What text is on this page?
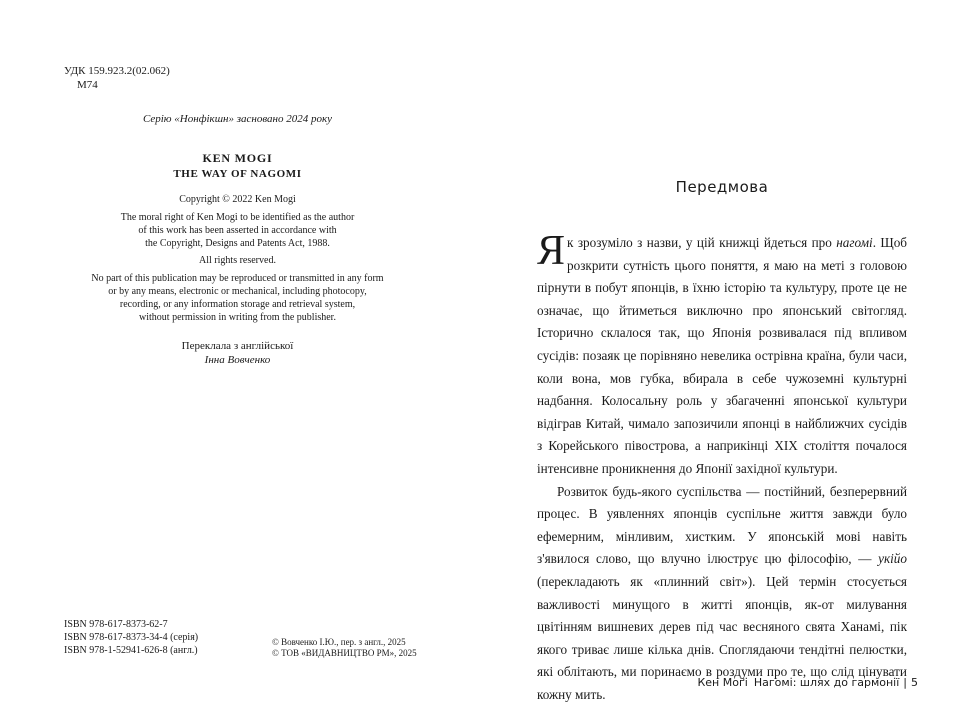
УДК 159.923.2(02.062)
М74
Серію «Нонфікшн» засновано 2024 року
KEN MOGI
THE WAY OF NAGOMI
Copyright © 2022 Ken Mogi
The moral right of Ken Mogi to be identified as the author
of this work has been asserted in accordance with
the Copyright, Designs and Patents Act, 1988.
All rights reserved.
No part of this publication may be reproduced or transmitted in any form
or by any means, electronic or mechanical, including photocopy,
recording, or any information storage and retrieval system,
without permission in writing from the publisher.
Переклала з англійської
Інна Вовченко
ISBN 978-617-8373-62-7
ISBN 978-617-8373-34-4 (серія)
ISBN 978-1-52941-626-8 (англ.)
© Вовченко І.Ю., пер. з англ., 2025
© ТОВ «ВИДАВНИЦТВО РМ», 2025
Передмова

Як зрозуміло з назви, у цій книжці йдеться про нагомі. Щоб розкрити сутність цього поняття, я маю на меті з головою пірнути в побут японців, в їхню історію та культуру, проте це не означає, що йтиметься виключно про японський світогляд. Історично склалося так, що Японія розвивалася під впливом сусідів: позаяк це порівняно невелика острівна країна, були часи, коли вона, мов губка, вбирала в себе чужоземні культурні надбання. Колосальну роль у збагаченні японської культури відіграв Китай, чимало запозичили японці в найближчих сусідів з Корейського півострова, а наприкінці XIX століття почалося інтенсивне проникнення до Японії західної культури.

Розвиток будь-якого суспільства — постійний, безперервний процес. В уявленнях японців суспільне життя завжди було ефемерним, мінливим, хистким. У японській мові навіть з'явилося слово, що влучно ілюструє цю філософію, — укійо (перекладають як «плинний світ»). Цей термін стосується важливості минущого в житті японців, як-от милування цвітінням вишневих дерев під час весняного свята Ханамі, пік якого триває лише кілька днів. Споглядаючи тендітні пелюстки, які облітають, ми поринаємо в роздуми про те, що слід цінувати кожну мить.

Кен Моґі Нагомі: шлях до гармонії | 5
